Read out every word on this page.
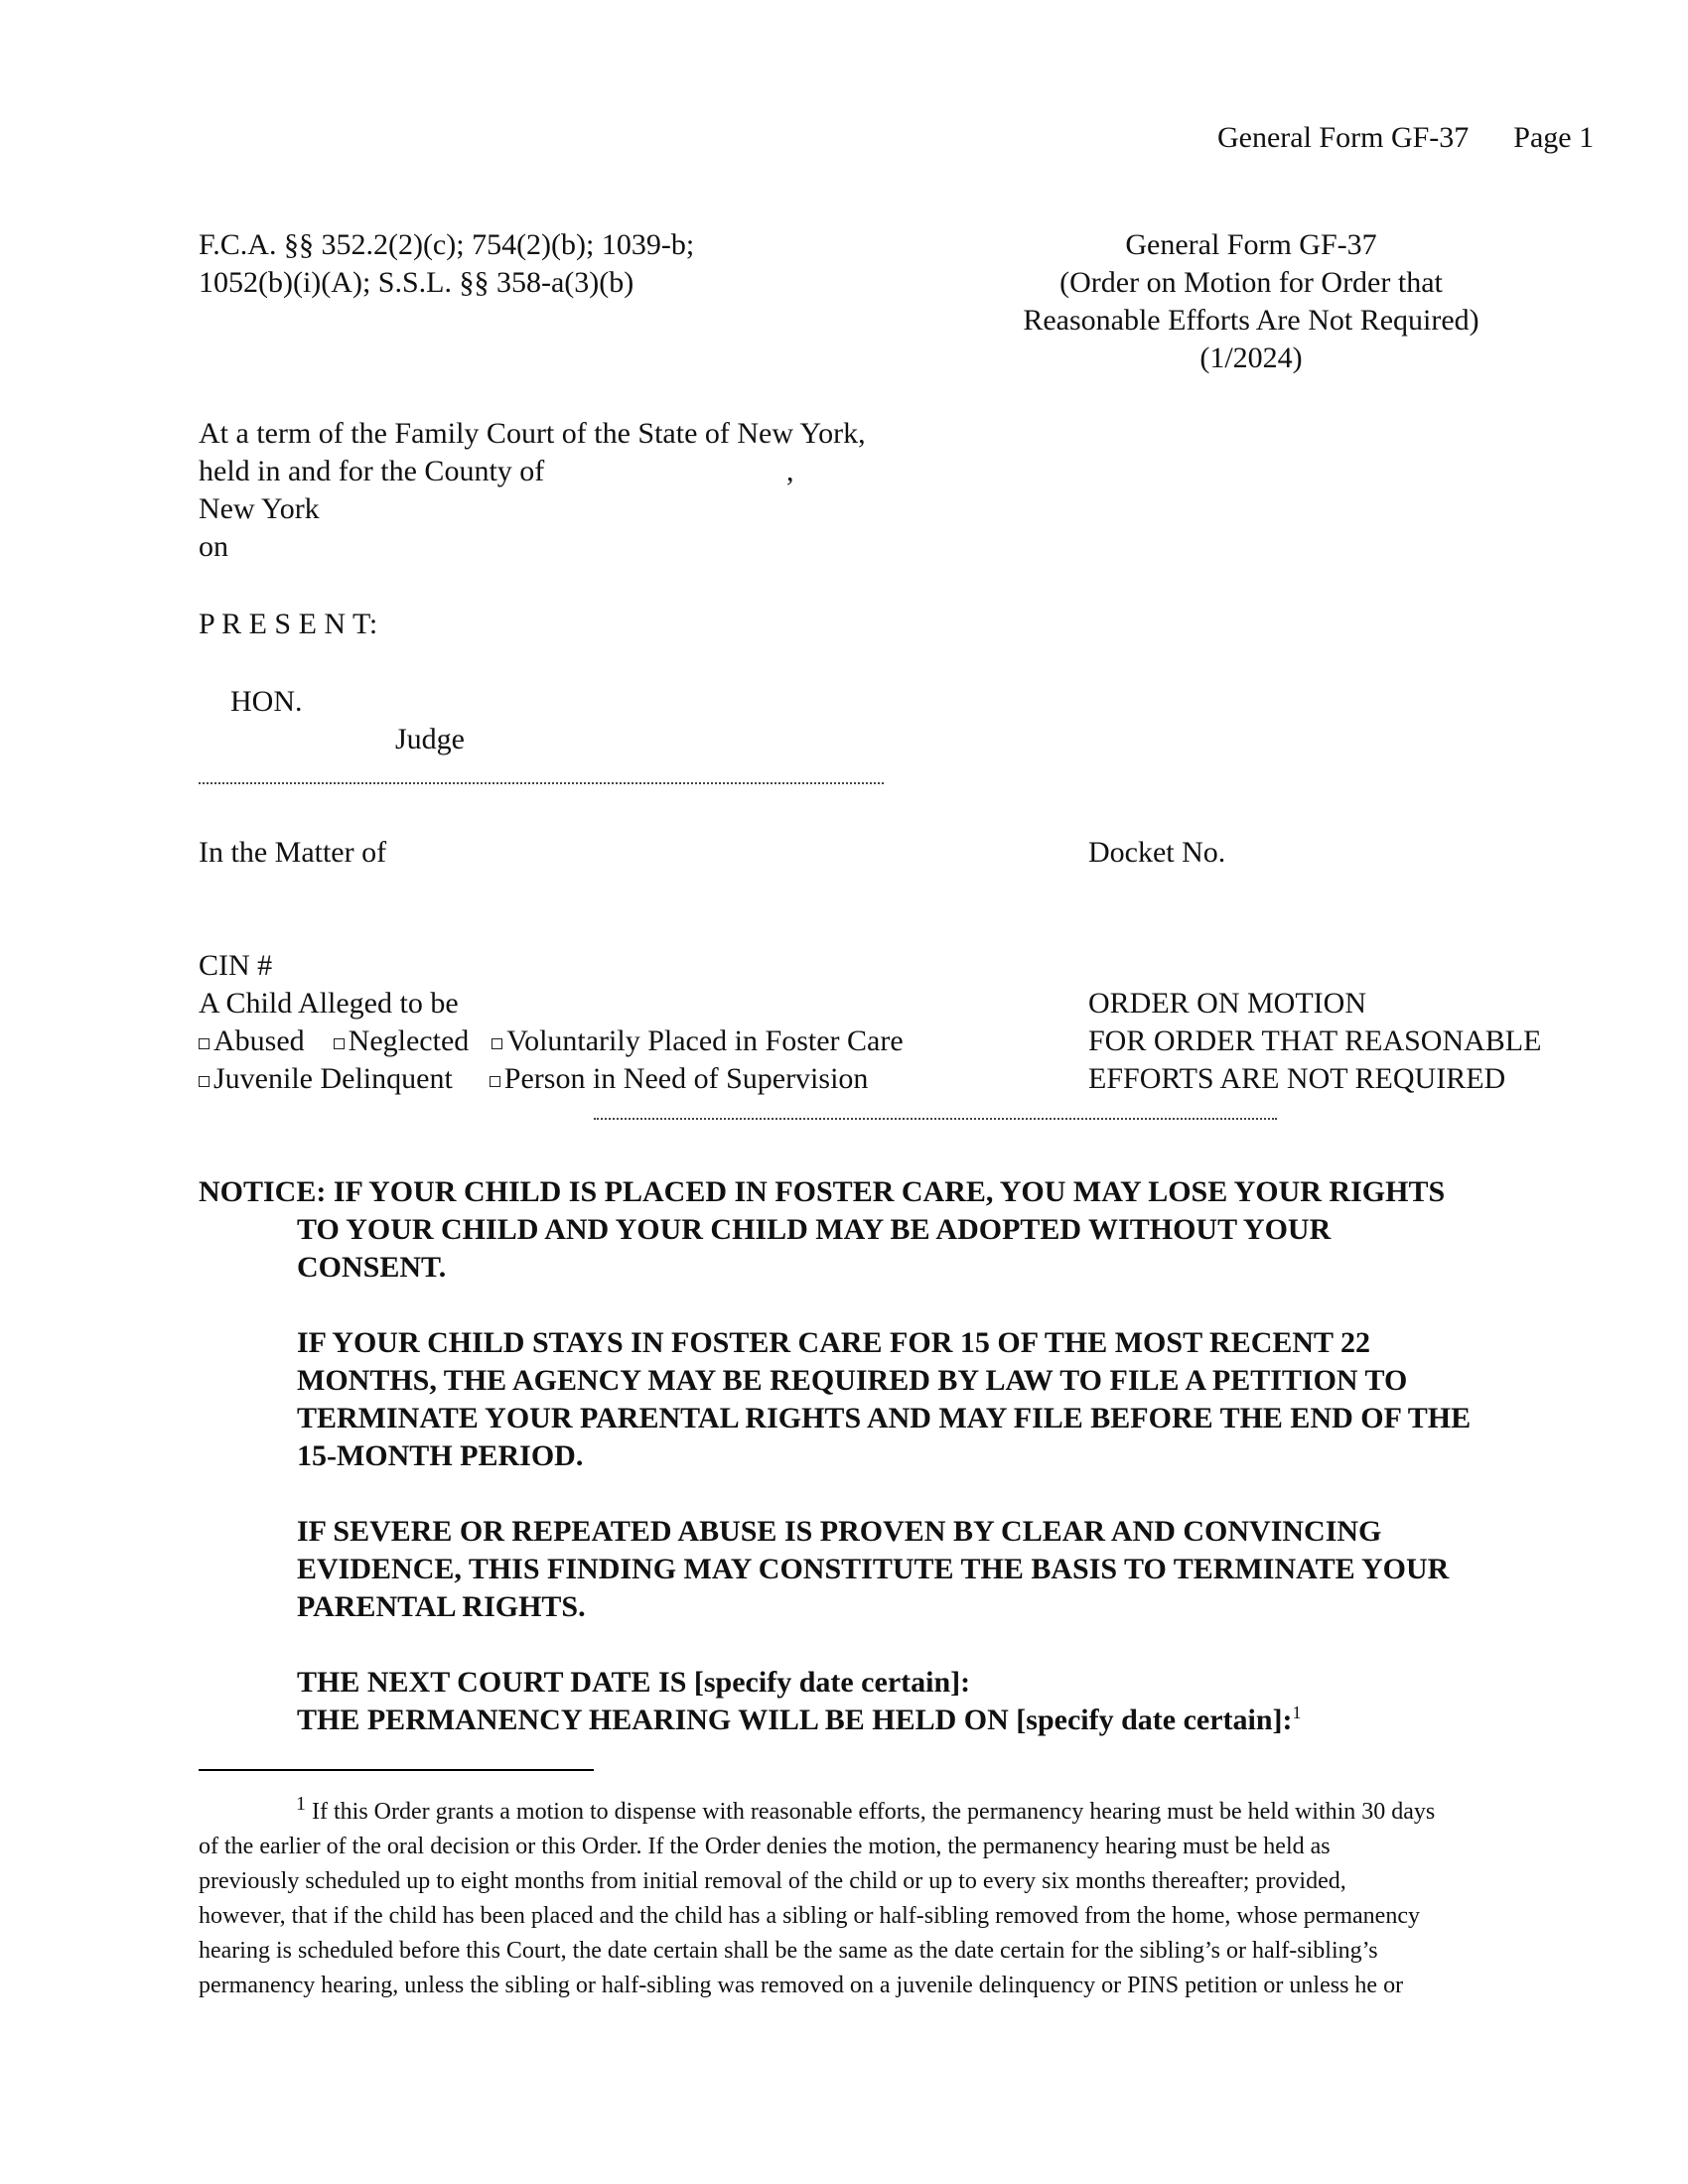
General Form GF-37 Page 1
F.C.A. §§ 352.2(2)(c); 754(2)(b); 1039-b;
1052(b)(i)(A); S.S.L. §§ 358-a(3)(b)
General Form GF-37
(Order on Motion for Order that
Reasonable Efforts Are Not Required)
(1/2024)
At a term of the Family Court of the State of New York,
held in and for the County of	,
New York
on
P R E S E N T:
HON.
Judge
In the Matter of	Docket No.
CIN #
A Child Alleged to be
Abused Neglected Voluntarily Placed in Foster Care
Juvenile Delinquent Person in Need of Supervision
ORDER ON MOTION
FOR ORDER THAT REASONABLE
EFFORTS ARE NOT REQUIRED
NOTICE: IF YOUR CHILD IS PLACED IN FOSTER CARE, YOU MAY LOSE YOUR RIGHTS
TO YOUR CHILD AND YOUR CHILD MAY BE ADOPTED WITHOUT YOUR
CONSENT.
IF YOUR CHILD STAYS IN FOSTER CARE FOR 15 OF THE MOST RECENT 22
MONTHS, THE AGENCY MAY BE REQUIRED BY LAW TO FILE A PETITION TO
TERMINATE YOUR PARENTAL RIGHTS AND MAY FILE BEFORE THE END OF THE
15-MONTH PERIOD.
IF SEVERE OR REPEATED ABUSE IS PROVEN BY CLEAR AND CONVINCING
EVIDENCE, THIS FINDING MAY CONSTITUTE THE BASIS TO TERMINATE YOUR
PARENTAL RIGHTS.
THE NEXT COURT DATE IS [specify date certain]:
THE PERMANENCY HEARING WILL BE HELD ON [specify date certain]:$^1$
$^1$ If this Order grants a motion to dispense with reasonable efforts, the permanency hearing must be held within 30 days
of the earlier of the oral decision or this Order. If the Order denies the motion, the permanency hearing must be held as
previously scheduled up to eight months from initial removal of the child or up to every six months thereafter; provided,
however, that if the child has been placed and the child has a sibling or half-sibling removed from the home, whose permanency
hearing is scheduled before this Court, the date certain shall be the same as the date certain for the sibling’s or half-sibling’s
permanency hearing, unless the sibling or half-sibling was removed on a juvenile delinquency or PINS petition or unless he or
